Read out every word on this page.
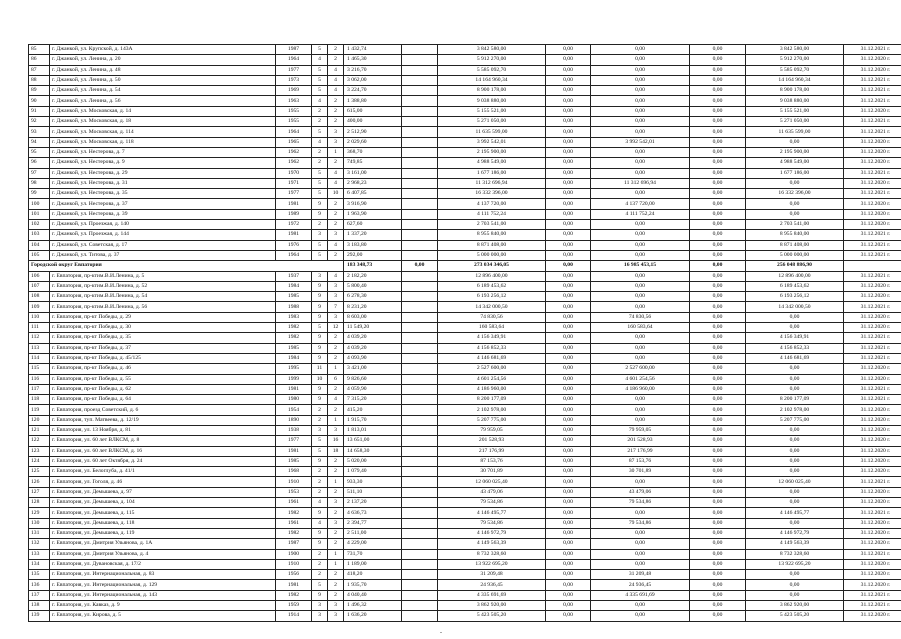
85	г. Джанкой, ул. Крупской, д. 143А	1987	5	2	1 432,74		3 842 580,00	0,00	0,00	0,00	3 842 580,00	31.12.2021 г.
86	г. Джанкой, ул. Ленина, д. 20	1964	4	2	1 465,30		5 912 270,00	0,00	0,00	0,00	5 912 270,00	31.12.2020 г.
87	г. Джанкой, ул. Ленина, д. 48	1977	5	4	3 216,70		5 585 092,70	0,00	0,00	0,00	5 585 092,70	31.12.2020 г.
88	г. Джанкой, ул. Ленина, д. 50	1973	5	4	3 062,00		14 164 960,34	0,00	0,00	0,00	14 164 960,34	31.12.2021 г.
89	г. Джанкой, ул. Ленина, д. 54	1969	5	4	3 224,70		8 900 178,00	0,00	0,00	0,00	8 900 178,00	31.12.2021 г.
90	г. Джанкой, ул. Ленина, д. 56	1963	4	2	1 388,80		9 038 880,00	0,00	0,00	0,00	9 038 880,00	31.12.2021 г.
91	г. Джанкой, ул. Московская, д. 14	1955	2	2	615,00		5 155 521,00	0,00	0,00	0,00	5 155 521,00	31.12.2020 г.
92	г. Джанкой, ул. Московская, д. 18	1955	2	2	400,00		5 271 050,00	0,00	0,00	0,00	5 271 050,00	31.12.2021 г.
93	г. Джанкой, ул. Московская, д. 114	1964	5	3	2 512,90		11 635 599,00	0,00	0,00	0,00	11 635 599,00	31.12.2021 г.
94	г. Джанкой, ул. Московская, д. 118	1965	4	3	2 029,60		3 992 542,01	0,00	3 992 542,01	0,00	0,00	31.12.2020 г.
95	г. Джанкой, ул. Нестерова, д. 7	1962	2	1	368,70		2 195 900,00	0,00	0,00	0,00	2 195 900,00	31.12.2020 г.
96	г. Джанкой, ул. Нестерова, д. 9	1962	2	2	749,85		4 988 549,00	0,00	0,00	0,00	4 988 549,00	31.12.2020 г.
97	г. Джанкой, ул. Нестерова, д. 29	1970	5	4	3 161,00		1 677 186,00	0,00	0,00	0,00	1 677 186,00	31.12.2021 г.
98	г. Джанкой, ул. Нестерова, д. 31	1971	5	4	2 968,23		11 312 696,94	0,00	11 312 696,94	0,00	0,00	31.12.2020 г.
99	г. Джанкой, ул. Нестерова, д. 35	1977	5	10	6 407,85		16 332 396,00	0,00	0,00	0,00	16 332 396,00	31.12.2021 г.
100	г. Джанкой, ул. Нестерова, д. 37	1981	9	2	3 916,90		4 137 720,00	0,00	4 137 720,00	0,00	0,00	31.12.2020 г.
101	г. Джанкой, ул. Нестерова, д. 39	1989	9	2	1 963,90		4 111 752,24	0,00	4 111 752,24	0,00	0,00	31.12.2020 г.
102	г. Джанкой, ул. Проезжая, д. 140	1972	2	2	627,60		2 703 541,00	0,00	0,00	0,00	2 703 541,00	31.12.2020 г.
103	г. Джанкой, ул. Проезжая, д. 144	1981	3	3	1 337,20		8 955 840,00	0,00	0,00	0,00	8 955 840,00	31.12.2021 г.
104	г. Джанкой, ул. Советская, д. 17	1976	5	4	3 183,80		8 871 408,00	0,00	0,00	0,00	8 871 408,00	31.12.2021 г.
105	г. Джанкой, ул. Титова, д. 37	1964	5	2	292,00		5 000 000,00	0,00	0,00	0,00	5 000 000,00	31.12.2021 г.
Городской округ Евпатория					183 348,73	0,00	273 034 346,05	0,00	16 985 453,15	0,00	256 048 886,90	
106	г. Евпатория, пр-ктим.В.И.Ленина, д. 5	1937	3	4	2 182,20		12 896 400,00	0,00	0,00	0,00	12 896 400,00	31.12.2021 г.
107	г. Евпатория, пр-ктим.В.И.Ленина, д. 52	1984	9	3	5 800,40		6 189 453,62	0,00	0,00	0,00	6 189 453,62	31.12.2020 г.
108	г. Евпатория, пр-ктим.В.И.Ленина, д. 54	1985	9	3	6 278,30		6 193 256,12	0,00	0,00	0,00	6 193 256,12	31.12.2020 г.
109	г. Евпатория, пр-ктим.В.И.Ленина, д. 56	1988	9	7	8 231,20		14 342 000,50	0,00	0,00	0,00	14 342 000,50	31.12.2021 г.
110	г. Евпатория, пр-кт Победы, д. 29	1983	9	3	8 603,00		74 830,56	0,00	74 830,56	0,00	0,00	31.12.2020 г.
111	г. Евпатория, пр-кт Победы, д. 30	1982	5	12	11 549,20		160 583,64	0,00	160 583,64	0,00	0,00	31.12.2020 г.
112	г. Евпатория, пр-кт Победы, д. 35	1982	9	2	4 039,20		4 156 349,91	0,00	0,00	0,00	4 156 349,91	31.12.2021 г.
113	г. Евпатория, пр-кт Победы, д. 37	1985	9	2	4 039,20		4 156 852,33	0,00	0,00	0,00	4 156 852,33	31.12.2021 г.
114	г. Евпатория, пр-кт Победы, д. 45/125	1984	9	2	4 093,90		4 146 681,69	0,00	0,00	0,00	4 146 681,69	31.12.2021 г.
115	г. Евпатория, пр-кт Победы, д. 46	1995	11	1	3 421,00		2 527 600,00	0,00	2 527 600,00	0,00	0,00	31.12.2020 г.
116	г. Евпатория, пр-кт Победы, д. 55	1999	10	6	9 826,60		4 601 254,56	0,00	4 601 254,56	0,00	0,00	31.12.2020 г.
117	г. Евпатория, пр-кт Победы, д. 62	1981	9	2	4 059,90		4 186 960,00	0,00	4 186 960,00	0,00	0,00	31.12.2021 г.
118	г. Евпатория, пр-кт Победы, д. 64	1980	9	4	7 315,20		8 200 177,09	0,00	0,00	0,00	8 200 177,09	31.12.2021 г.
119	г. Евпатория, проезд Советский, д. 6	1954	2	2	415,20		2 102 978,00	0,00	0,00	0,00	2 102 978,00	31.12.2020 г.
120	г. Евпатория, туп. Матвеева, д. 12/19	1890	2	1	1 915,70		5 207 775,00	0,00	0,00	0,00	5 207 775,00	31.12.2020 г.
121	г. Евпатория, ул. 13 Ноября, д. 81	1938	3	3	1 813,01		79 959,05	0,00	79 959,05	0,00	0,00	31.12.2020 г.
122	г. Евпатория, ул. 60 лет ВЛКСМ, д. 8	1977	5	16	13 651,00		201 528,93	0,00	201 528,93	0,00	0,00	31.12.2020 г.
123	г. Евпатория, ул. 60 лет ВЛКСМ, д. 16	1981	5	18	14 658,30		217 176,99	0,00	217 176,99	0,00	0,00	31.12.2020 г.
124	г. Евпатория, ул. 60 лет Октября, д. 24	1985	9	2	5 020,00		87 153,76	0,00	87 153,76	0,00	0,00	31.12.2020 г.
125	г. Евпатория, ул. Белоглуба, д. 41/1	1968	2	2	1 079,40		30 701,89	0,00	30 701,89	0,00	0,00	31.12.2020 г.
126	г. Евпатория, ул. Гоголя, д. 46	1910	2	1	933,30		12 060 025,40	0,00	0,00	0,00	12 060 025,40	31.12.2021 г.
127	г. Евпатория, ул. Демышева, д. 97	1953	2	2	511,10		43 479,06	0,00	43 479,06	0,00	0,00	31.12.2020 г.
128	г. Евпатория, ул. Демышева, д. 104	1961	4	3	2 137,20		79 534,86	0,00	79 534,86	0,00	0,00	31.12.2020 г.
129	г. Евпатория, ул. Демышева, д. 115	1982	9	2	4 636,73		4 146 495,77	0,00	0,00	0,00	4 146 495,77	31.12.2021 г.
130	г. Евпатория, ул. Демышева, д. 118	1961	4	3	2 394,77		79 534,86	0,00	79 534,86	0,00	0,00	31.12.2020 г.
131	г. Евпатория, ул. Демышева, д. 119	1982	9	2	2 511,00		4 146 972,79	0,00	0,00	0,00	4 146 972,79	31.12.2020 г.
132	г. Евпатория, ул. Дмитрия Ульянова, д. 1А	1987	9	2	4 229,00		4 149 563,39	0,00	0,00	0,00	4 149 563,39	31.12.2020 г.
133	г. Евпатория, ул. Дмитрия Ульянова, д. 4	1900	2	1	731,70		8 732 328,60	0,00	0,00	0,00	8 732 328,60	31.12.2021 г.
134	г. Евпатория, ул. Дувановская, д. 17/2	1910	2	1	1 189,00		13 922 695,20	0,00	0,00	0,00	13 922 695,20	31.12.2020 г.
135	г. Евпатория, ул. Интернациональная, д. 83	1956	2	2	418,20		31 209,48	0,00	31 209,48	0,00	0,00	31.12.2020 г.
136	г. Евпатория, ул. Интернациональная, д. 129	1981	5	2	1 935,70		24 936,45	0,00	24 936,45	0,00	0,00	31.12.2020 г.
137	г. Евпатория, ул. Интернациональная, д. 143	1982	9	2	4 040,40		4 335 691,69	0,00	4 335 691,69	0,00	0,00	31.12.2021 г.
138	г. Евпатория, ул. Кавказ, д. 9	1959	3	3	1 496,32		3 862 920,00	0,00	0,00	0,00	3 862 920,00	31.12.2021 г.
139	г. Евпатория, ул. Кирова, д. 5	1914	3	3	1 636,20		5 423 505,20	0,00	0,00	0,00	5 423 505,20	31.12.2020 г.
-
